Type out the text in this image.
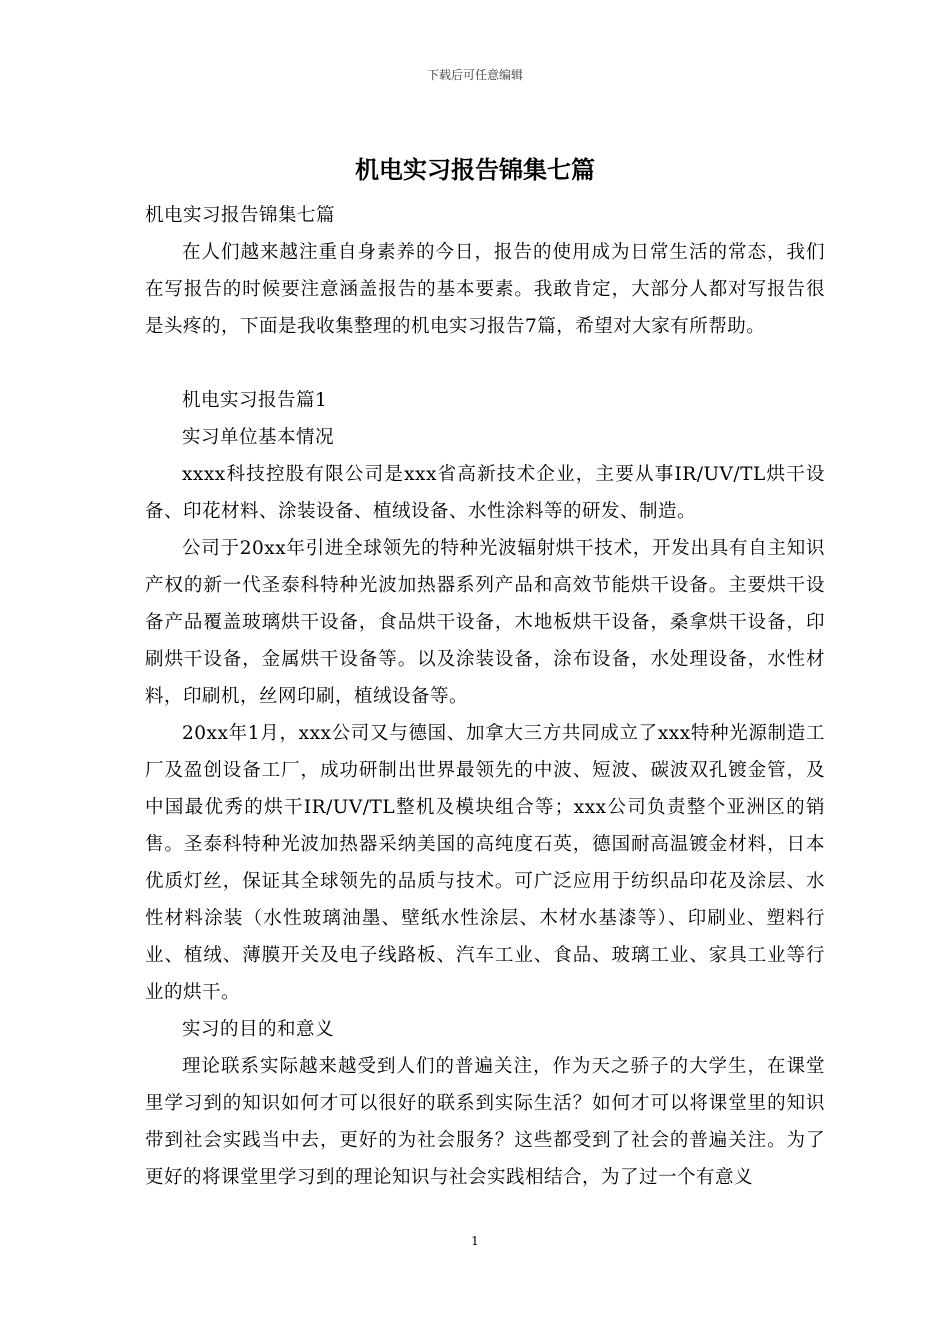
下载后可任意编辑
机电实习报告锦集七篇

机电实习报告锦集七篇

在人们越来越注重自身素养的今日，报告的使用成为日常生活的常态，我们在写报告的时候要注意涵盖报告的基本要素。我敢肯定，大部分人都对写报告很是头疼的，下面是我收集整理的机电实习报告7篇，希望对大家有所帮助。

机电实习报告篇1

实习单位基本情况

xxxx科技控股有限公司是xxx省高新技术企业，主要从事IR/UV/TL烘干设备、印花材料、涂装设备、植绒设备、水性涂料等的研发、制造。

公司于20xx年引进全球领先的特种光波辐射烘干技术，开发出具有自主知识产权的新一代圣泰科特种光波加热器系列产品和高效节能烘干设备。主要烘干设备产品覆盖玻璃烘干设备，食品烘干设备，木地板烘干设备，桑拿烘干设备，印刷烘干设备，金属烘干设备等。以及涂装设备，涂布设备，水处理设备，水性材料，印刷机，丝网印刷，植绒设备等。

20xx年1月，xxx公司又与德国、加拿大三方共同成立了xxx特种光源制造工厂及盈创设备工厂，成功研制出世界最领先的中波、短波、碳波双孔镀金管，及中国最优秀的烘干IR/UV/TL整机及模块组合等；xxx公司负责整个亚洲区的销售。圣泰科特种光波加热器采纳美国的高纯度石英，德国耐高温镀金材料，日本优质灯丝，保证其全球领先的品质与技术。可广泛应用于纺织品印花及涂层、水性材料涂装（水性玻璃油墨、壁纸水性涂层、木材水基漆等）、印刷业、塑料行业、植绒、薄膜开关及电子线路板、汽车工业、食品、玻璃工业、家具工业等行业的烘干。

实习的目的和意义

理论联系实际越来越受到人们的普遍关注，作为天之骄子的大学生，在课堂里学习到的知识如何才可以很好的联系到实际生活？如何才可以将课堂里的知识带到社会实践当中去，更好的为社会服务？这些都受到了社会的普遍关注。为了更好的将课堂里学习到的理论知识与社会实践相结合，为了过一个有意义

1
